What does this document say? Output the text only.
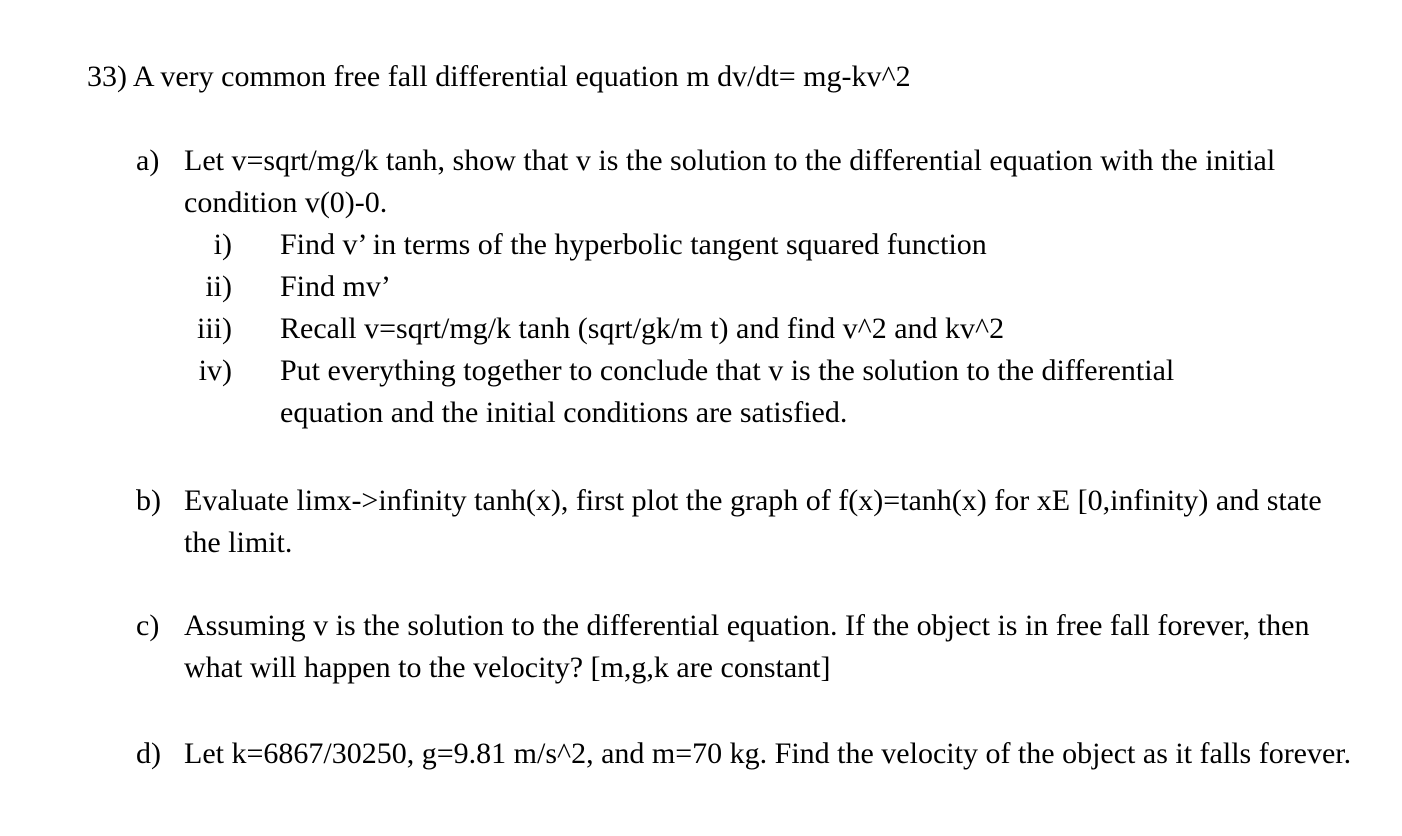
33) A very common free fall differential equation m dv/dt= mg-kv^2
a) Let v=sqrt/mg/k tanh, show that v is the solution to the differential equation with the initial condition v(0)-0.
i) Find v’ in terms of the hyperbolic tangent squared function
ii) Find mv’
iii) Recall v=sqrt/mg/k tanh (sqrt/gk/m t) and find v^2 and kv^2
iv) Put everything together to conclude that v is the solution to the differential equation and the initial conditions are satisfied.
b) Evaluate limx->infinity tanh(x), first plot the graph of f(x)=tanh(x) for xE [0,infinity) and state the limit.
c) Assuming v is the solution to the differential equation. If the object is in free fall forever, then what will happen to the velocity? [m,g,k are constant]
d) Let k=6867/30250, g=9.81 m/s^2, and m=70 kg. Find the velocity of the object as it falls forever.
